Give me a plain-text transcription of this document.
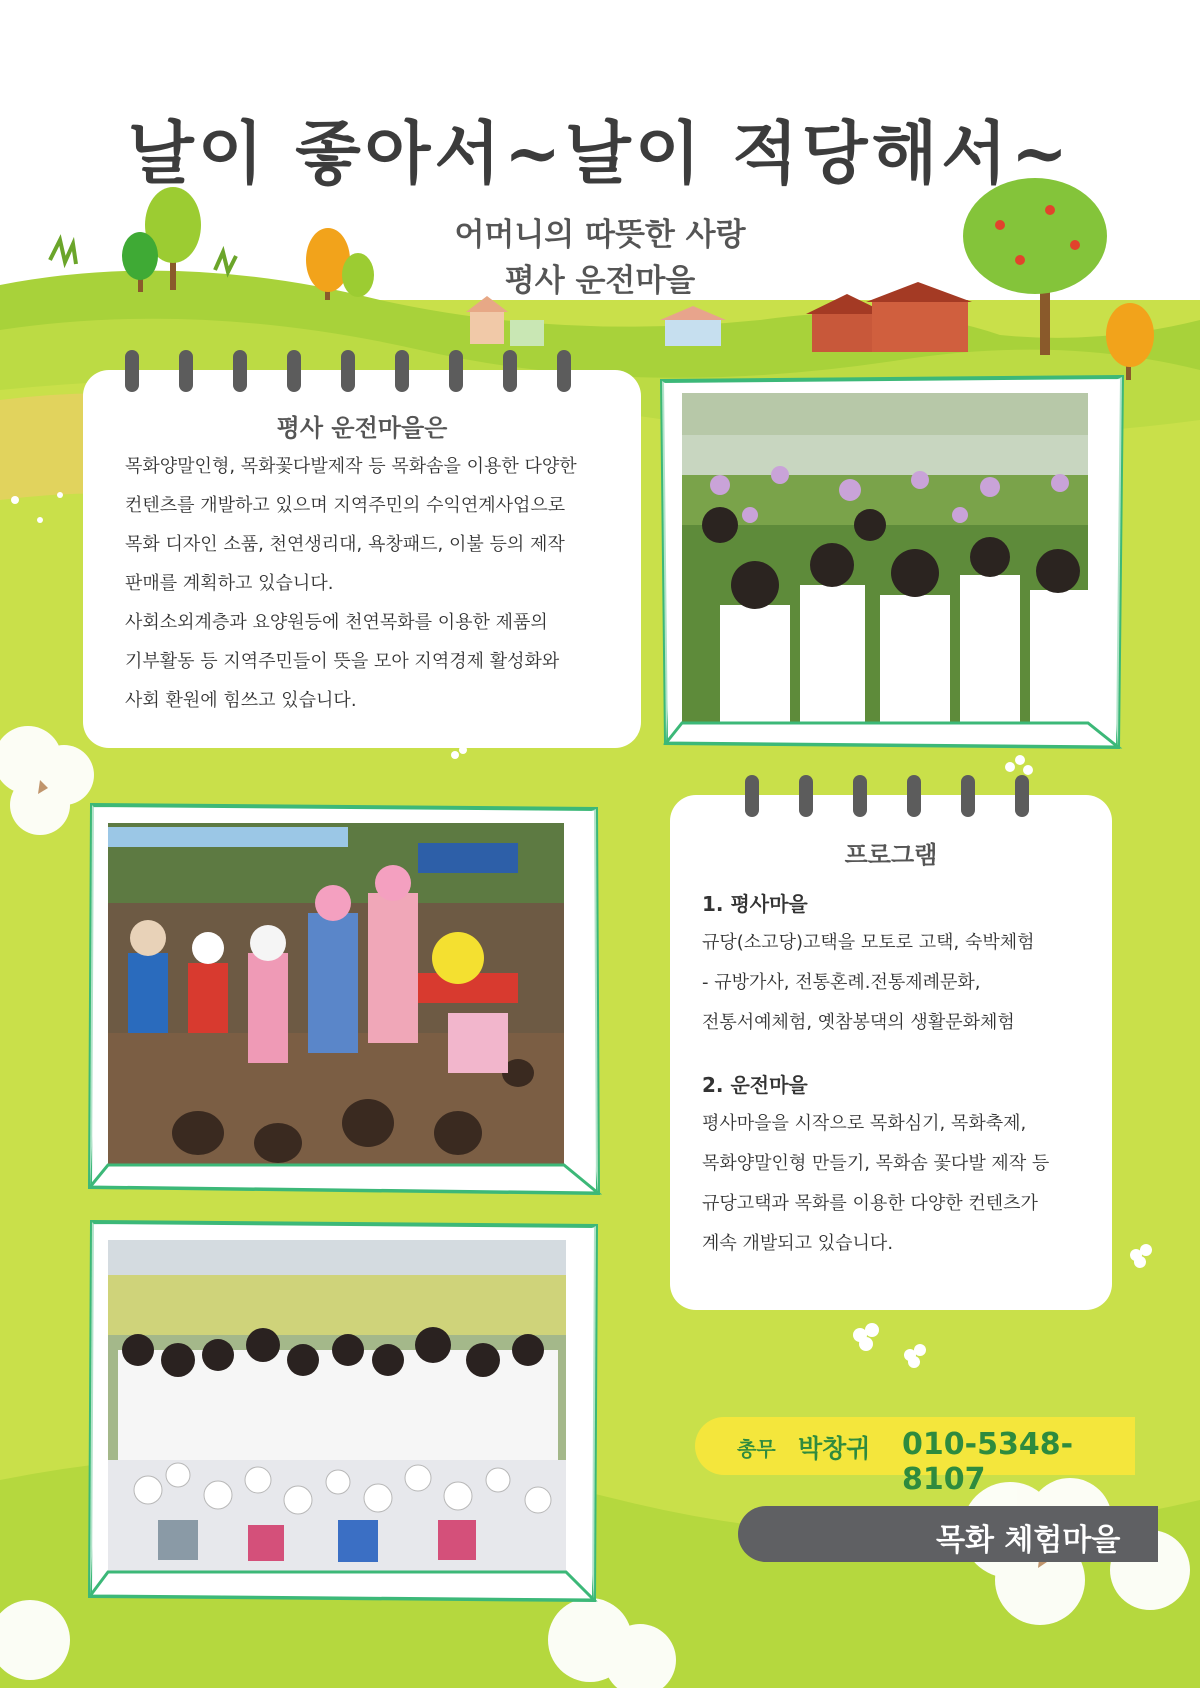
날이 좋아서~날이 적당해서~
어머니의 따뜻한 사랑
평사 운전마을
평사 운전마을은
목화양말인형, 목화꽃다발제작 등 목화솜을 이용한 다양한
컨텐츠를 개발하고 있으며 지역주민의 수익연계사업으로
목화 디자인 소품, 천연생리대, 욕창패드, 이불 등의 제작
판매를 계획하고 있습니다.
사회소외계층과 요양원등에 천연목화를 이용한 제품의
기부활동 등 지역주민들이 뜻을 모아 지역경제 활성화와
사회 환원에 힘쓰고 있습니다.
프로그램
1. 평사마을
규당(소고당)고택을 모토로 고택, 숙박체험
- 규방가사, 전통혼례.전통제례문화,
전통서예체험, 옛참봉댁의 생활문화체험
2. 운전마을
평사마을을 시작으로 목화심기, 목화축제,
목화양말인형 만들기, 목화솜 꽃다발 제작 등
규당고택과 목화를 이용한 다양한 컨텐츠가
계속 개발되고 있습니다.
총무 박창귀 010-5348-8107
목화 체험마을
